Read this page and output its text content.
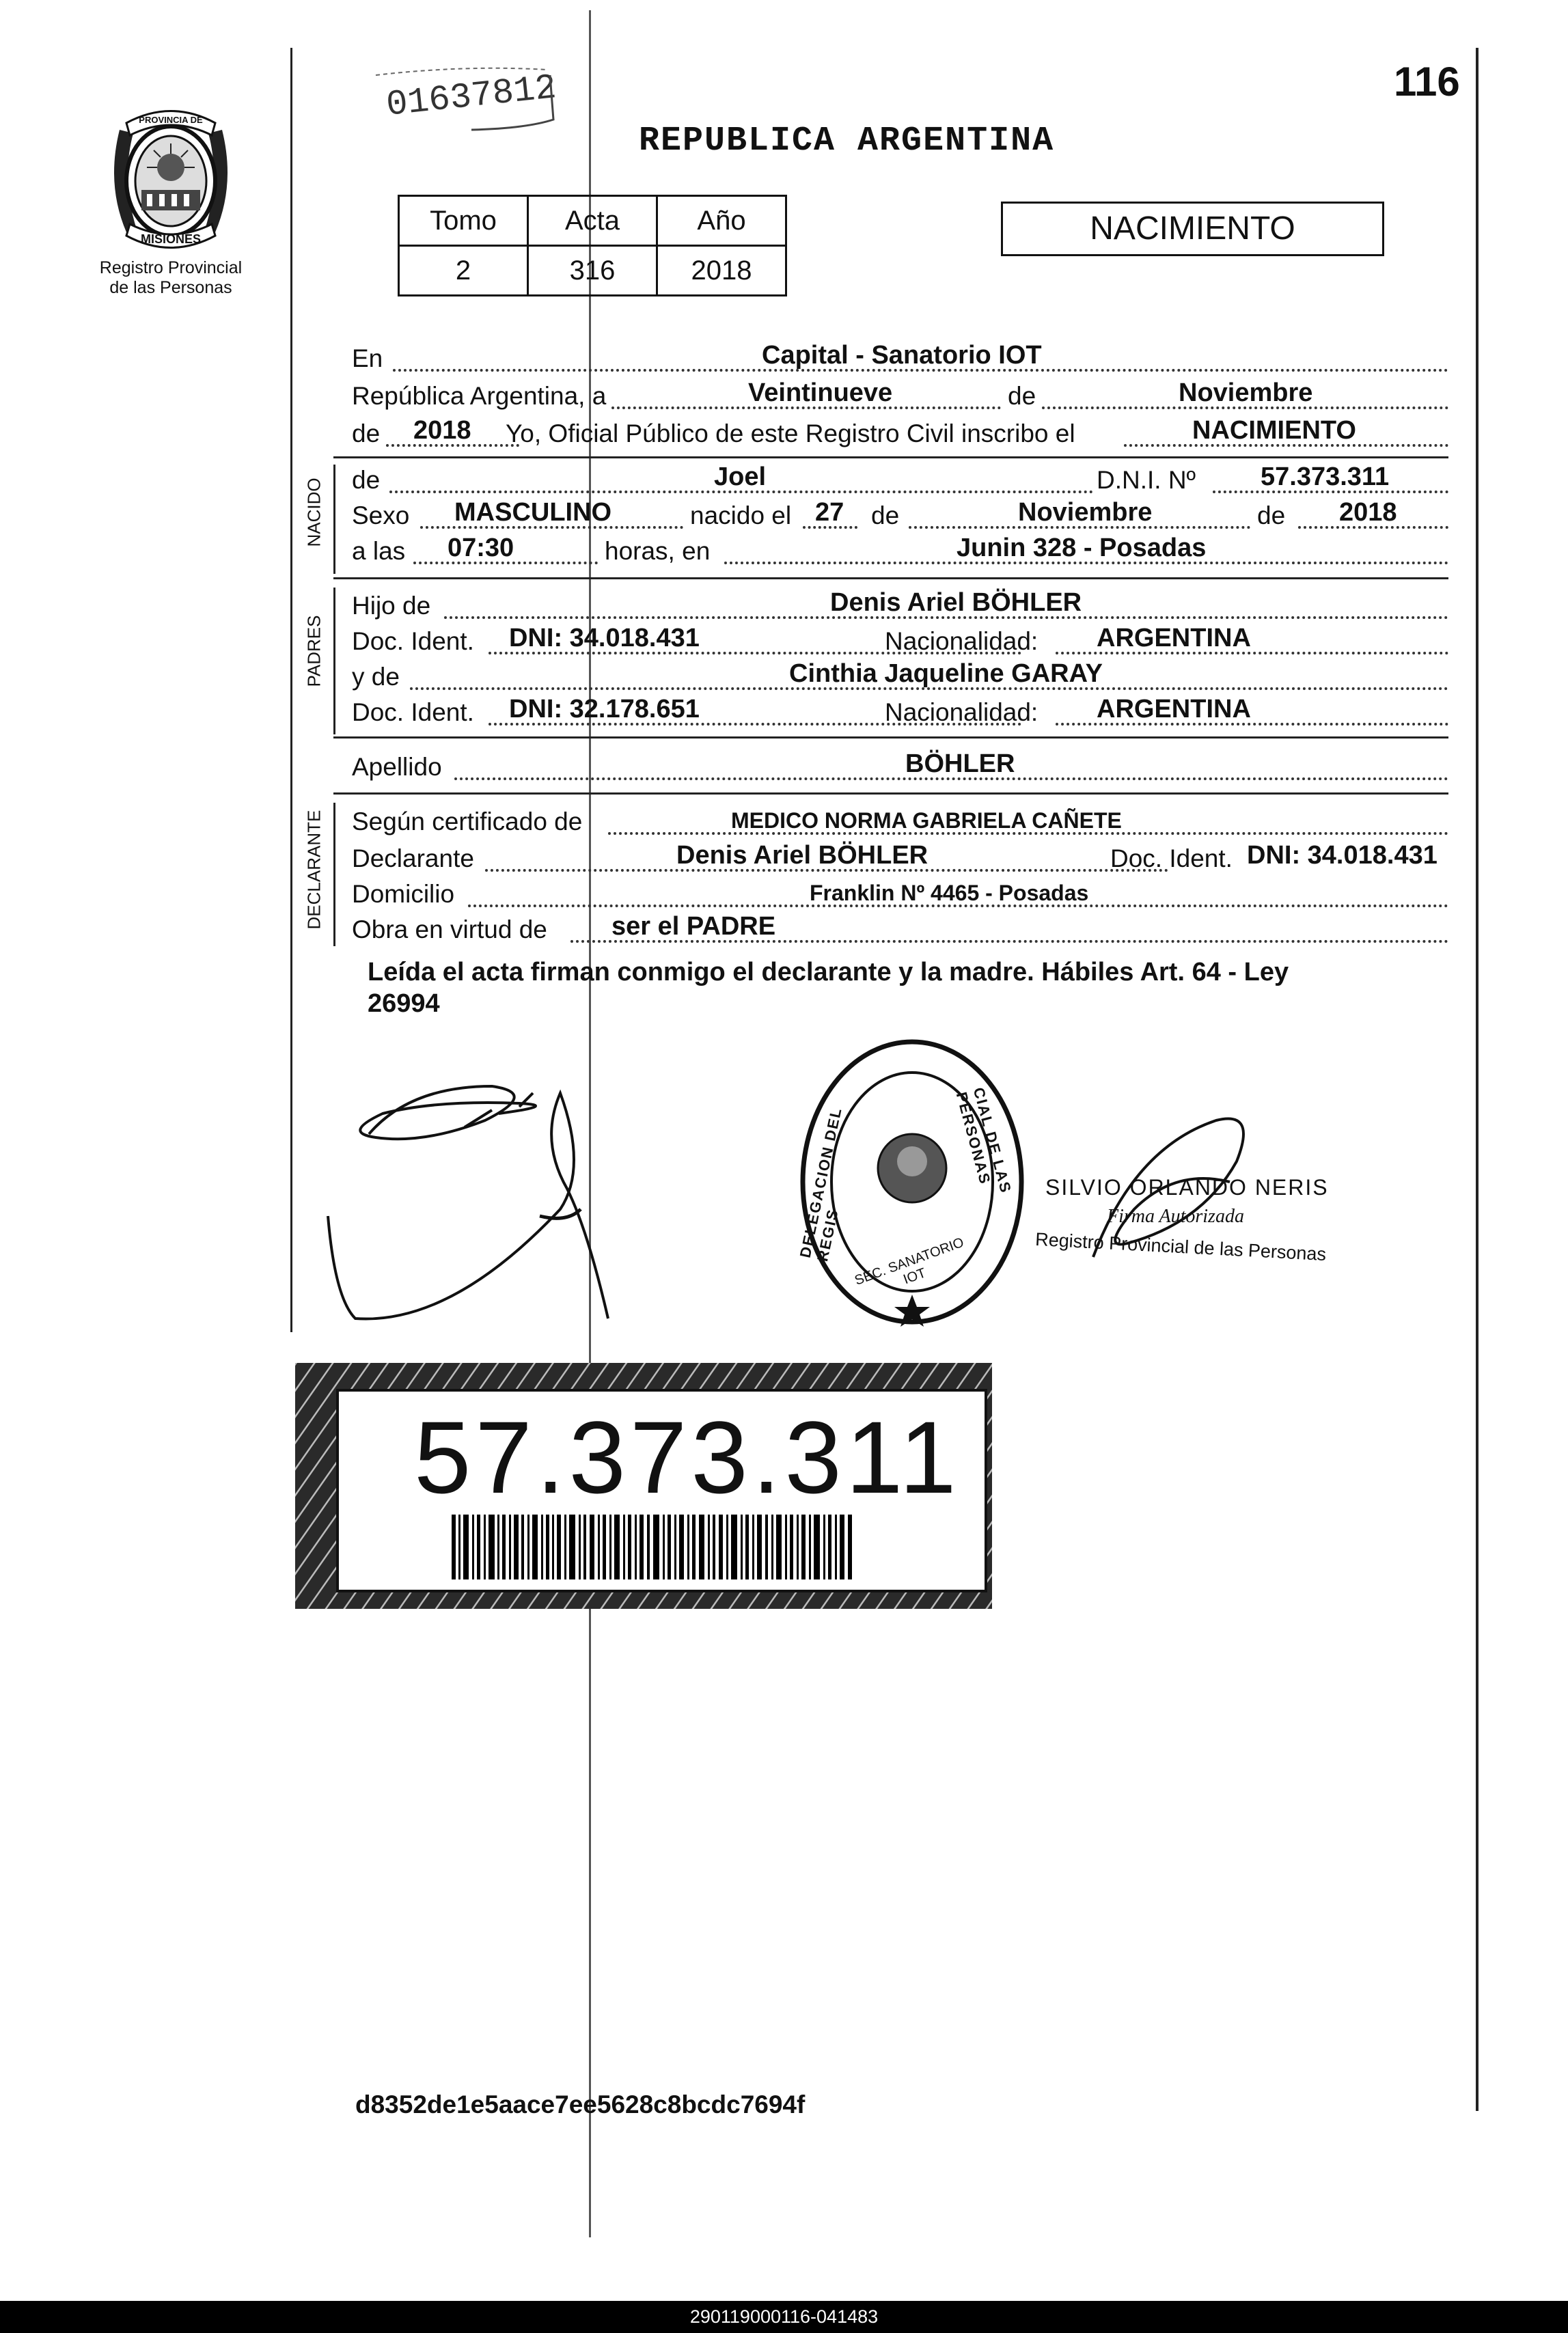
PROVINCIA DE
MISIONES
Registro Provincial
de las Personas
01637812
REPUBLICA ARGENTINA
116
Tomo	Acta	Año
2	316	2018
NACIMIENTO
En	Capital - Sanatorio IOT
República Argentina, a	Veintinueve	de	Noviembre
de 2018 Yo, Oficial Público de este Registro Civil inscribo el	NACIMIENTO
NACIDO de	Joel	D.N.I. Nº 57.373.311
Sexo MASCULINO	nacido el 27 de	Noviembre	de 2018
a las 07:30	horas, en	Junin 328 - Posadas
PADRES
Hijo de	Denis Ariel BÖHLER
Doc. Ident. DNI: 34.018.431	Nacionalidad: ARGENTINA
y de	Cinthia Jaqueline GARAY
Doc. Ident. DNI: 32.178.651	Nacionalidad: ARGENTINA
Apellido	BÖHLER
DECLARANTE Según certificado de	MEDICO NORMA GABRIELA CAÑETE
Declarante	Denis Ariel BÖHLER	Doc. Ident. DNI: 34.018.431
Domicilio	Franklin Nº 4465 - Posadas
Obra en virtud de ser el PADRE
Leída el acta firman conmigo el declarante y la madre. Hábiles Art. 64 - Ley
26994
DELEGACION DEL REGIS
CIAL DE LAS PERSONAS
SEC. SANATORIO IOT
SILVIO ORLANDO NERIS
Firma Autorizada
Registro Provincial de las Personas
57.373.311
d8352de1e5aace7ee5628c8bcdc7694f
290119000116-041483
